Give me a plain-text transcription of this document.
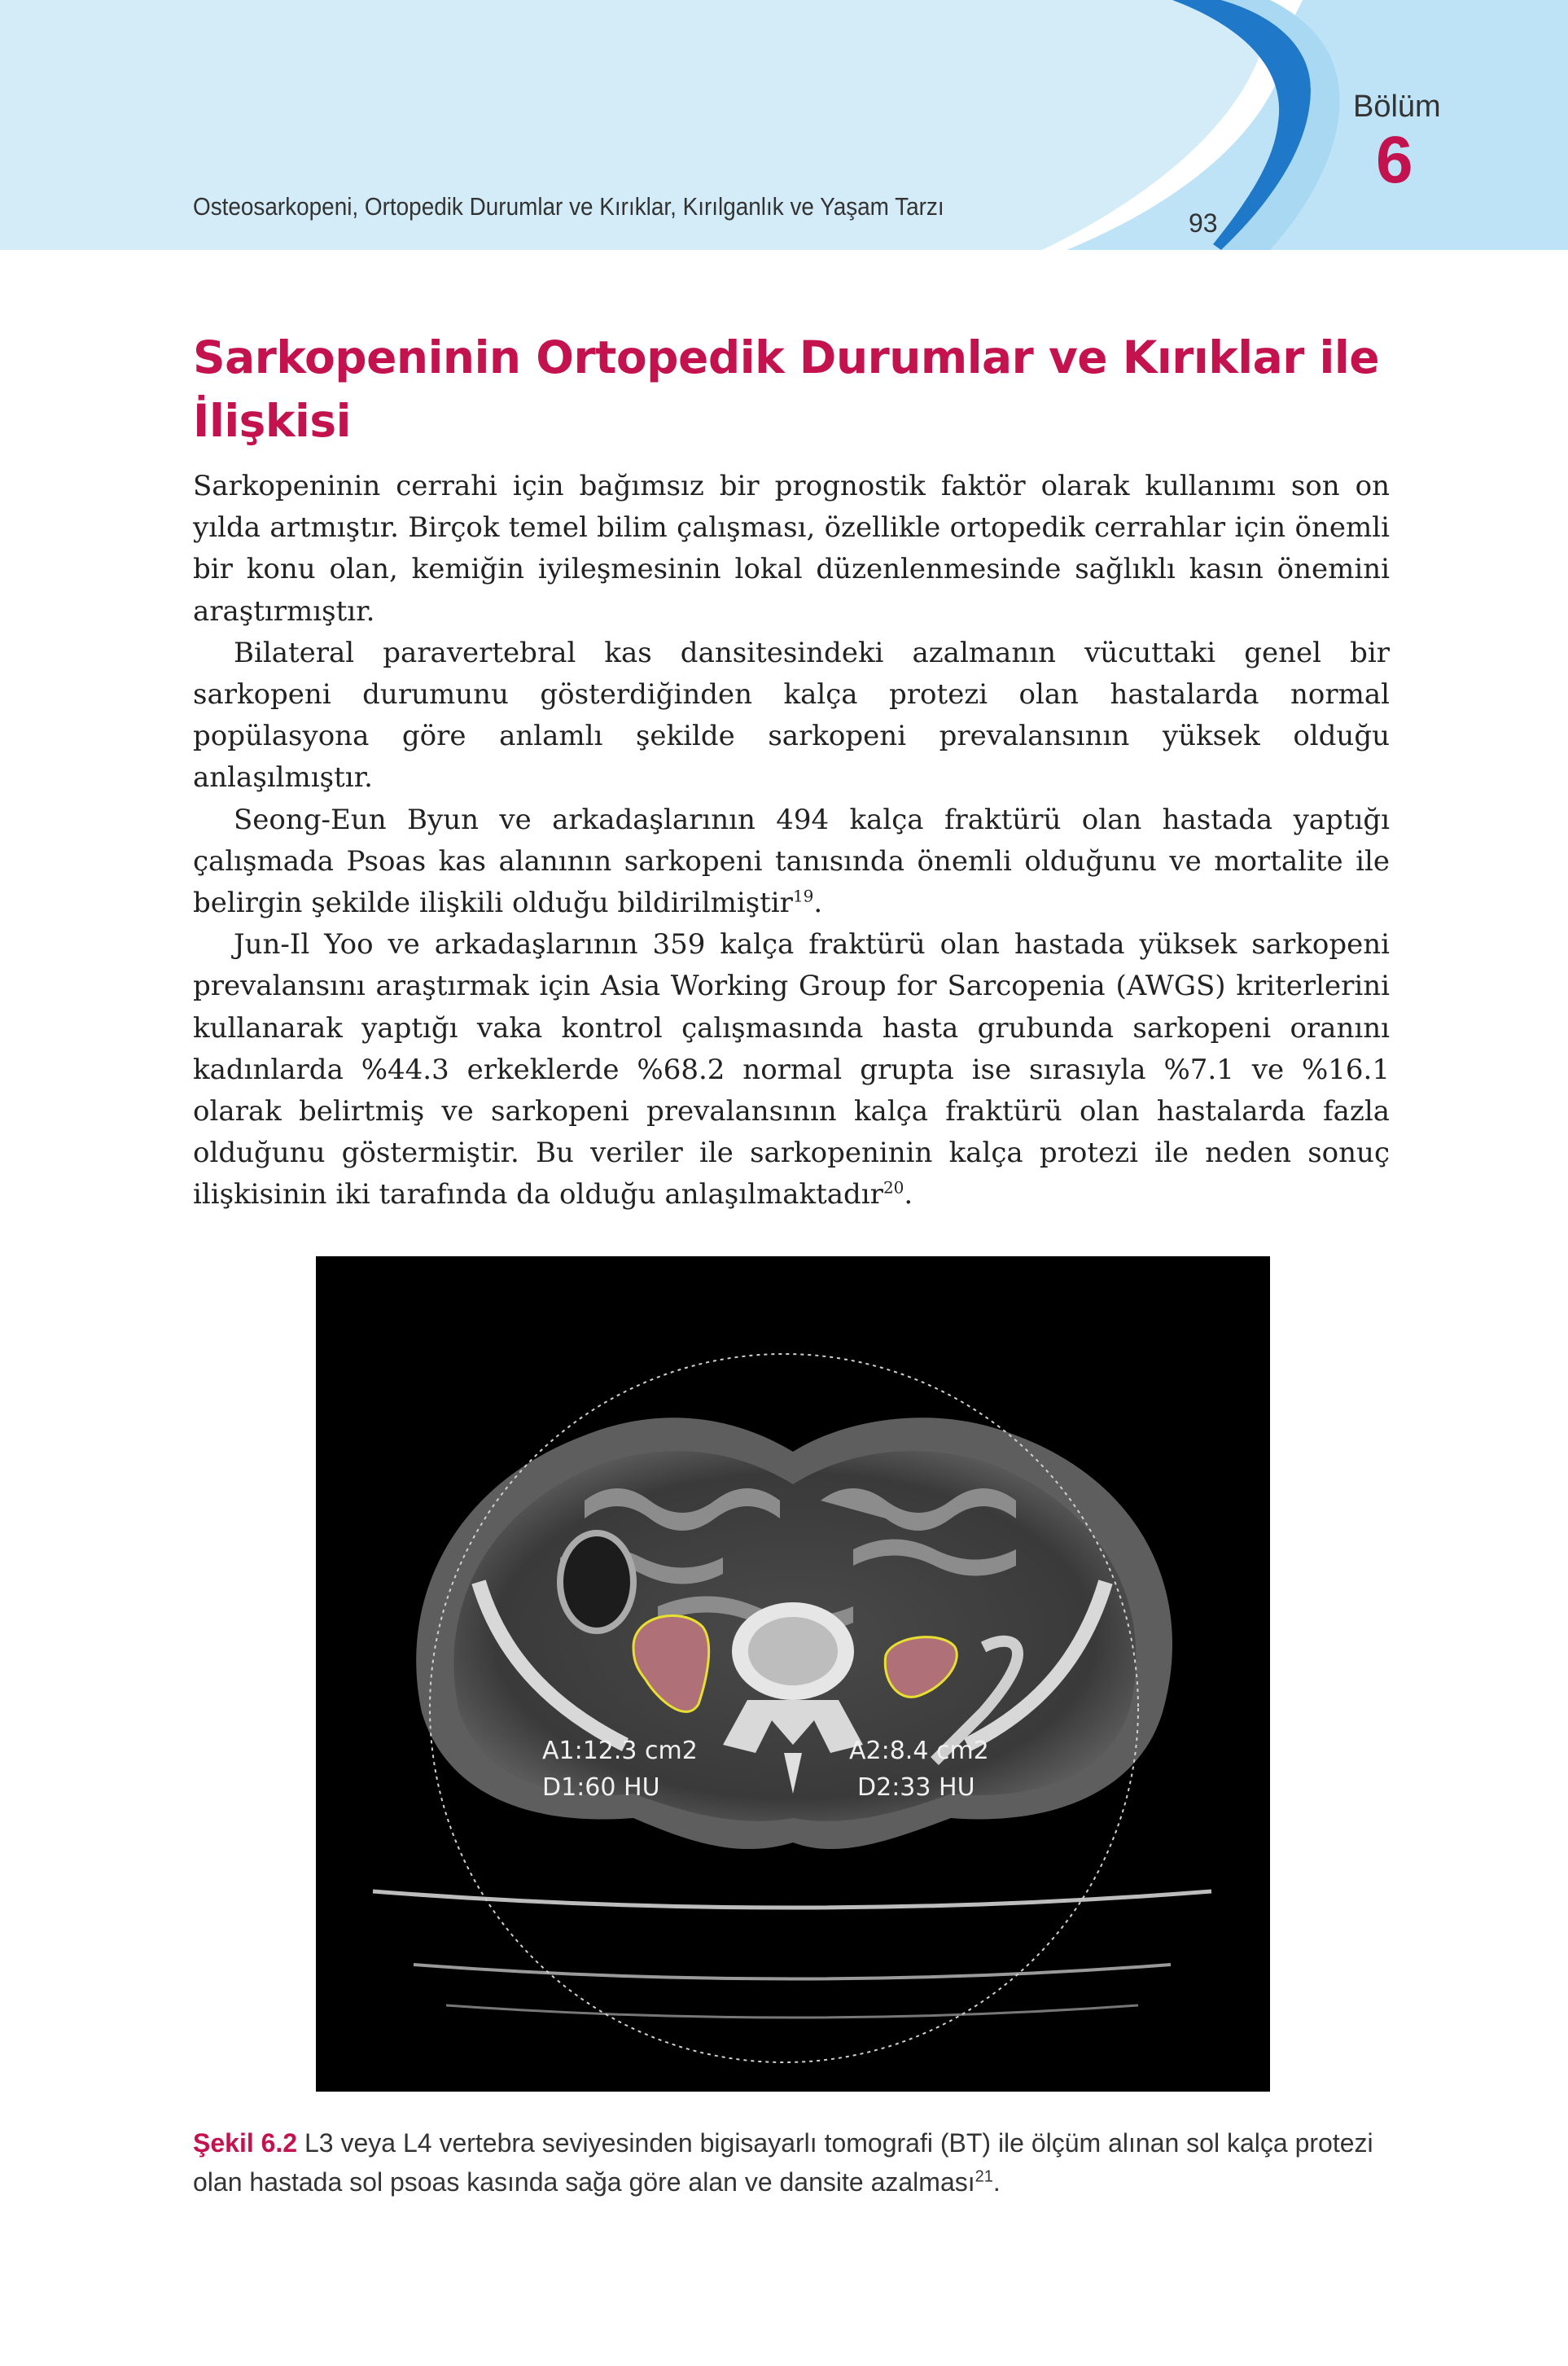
Osteosarkopeni, Ortopedik Durumlar ve Kırıklar, Kırılganlık ve Yaşam Tarzı
93
Bölüm
6
Sarkopeninin Ortopedik Durumlar ve Kırıklar ile İlişkisi

Sarkopeninin cerrahi için bağımsız bir prognostik faktör olarak kullanımı son on yılda artmıştır. Birçok temel bilim çalışması, özellikle ortopedik cerrahlar için önemli bir konu olan, kemiğin iyileşmesinin lokal düzenlenmesinde sağlıklı kasın önemini araştırmıştır.

Bilateral paravertebral kas dansitesindeki azalmanın vücuttaki genel bir sarkopeni durumunu gösterdiğinden kalça protezi olan hastalarda normal popülasyona göre anlamlı şekilde sarkopeni prevalansının yüksek olduğu anlaşılmıştır.

Seong-Eun Byun ve arkadaşlarının 494 kalça fraktürü olan hastada yaptığı çalışmada Psoas kas alanının sarkopeni tanısında önemli olduğunu ve mortalite ile belirgin şekilde ilişkili olduğu bildirilmiştir$^{19}$.

Jun-Il Yoo ve arkadaşlarının 359 kalça fraktürü olan hastada yüksek sarkopeni prevalansını araştırmak için Asia Working Group for Sarcopenia (AWGS) kriterlerini kullanarak yaptığı vaka kontrol çalışmasında hasta grubunda sarkopeni oranını kadınlarda %44.3 erkeklerde %68.2 normal grupta ise sırasıyla %7.1 ve %16.1 olarak belirtmiş ve sarkopeni prevalansının kalça fraktürü olan hastalarda fazla olduğunu göstermiştir. Bu veriler ile sarkopeninin kalça protezi ile neden sonuç ilişkisinin iki tarafında da olduğu anlaşılmaktadır$^{20}$.

A1:12.3 cm2
D1:60 HU
A2:8.4 cm2
D2:33 HU
Şekil 6.2 L3 veya L4 vertebra seviyesinden bigisayarlı tomografi (BT) ile ölçüm alınan sol kalça protezi olan hastada sol psoas kasında sağa göre alan ve dansite azalması$^{21}$.
